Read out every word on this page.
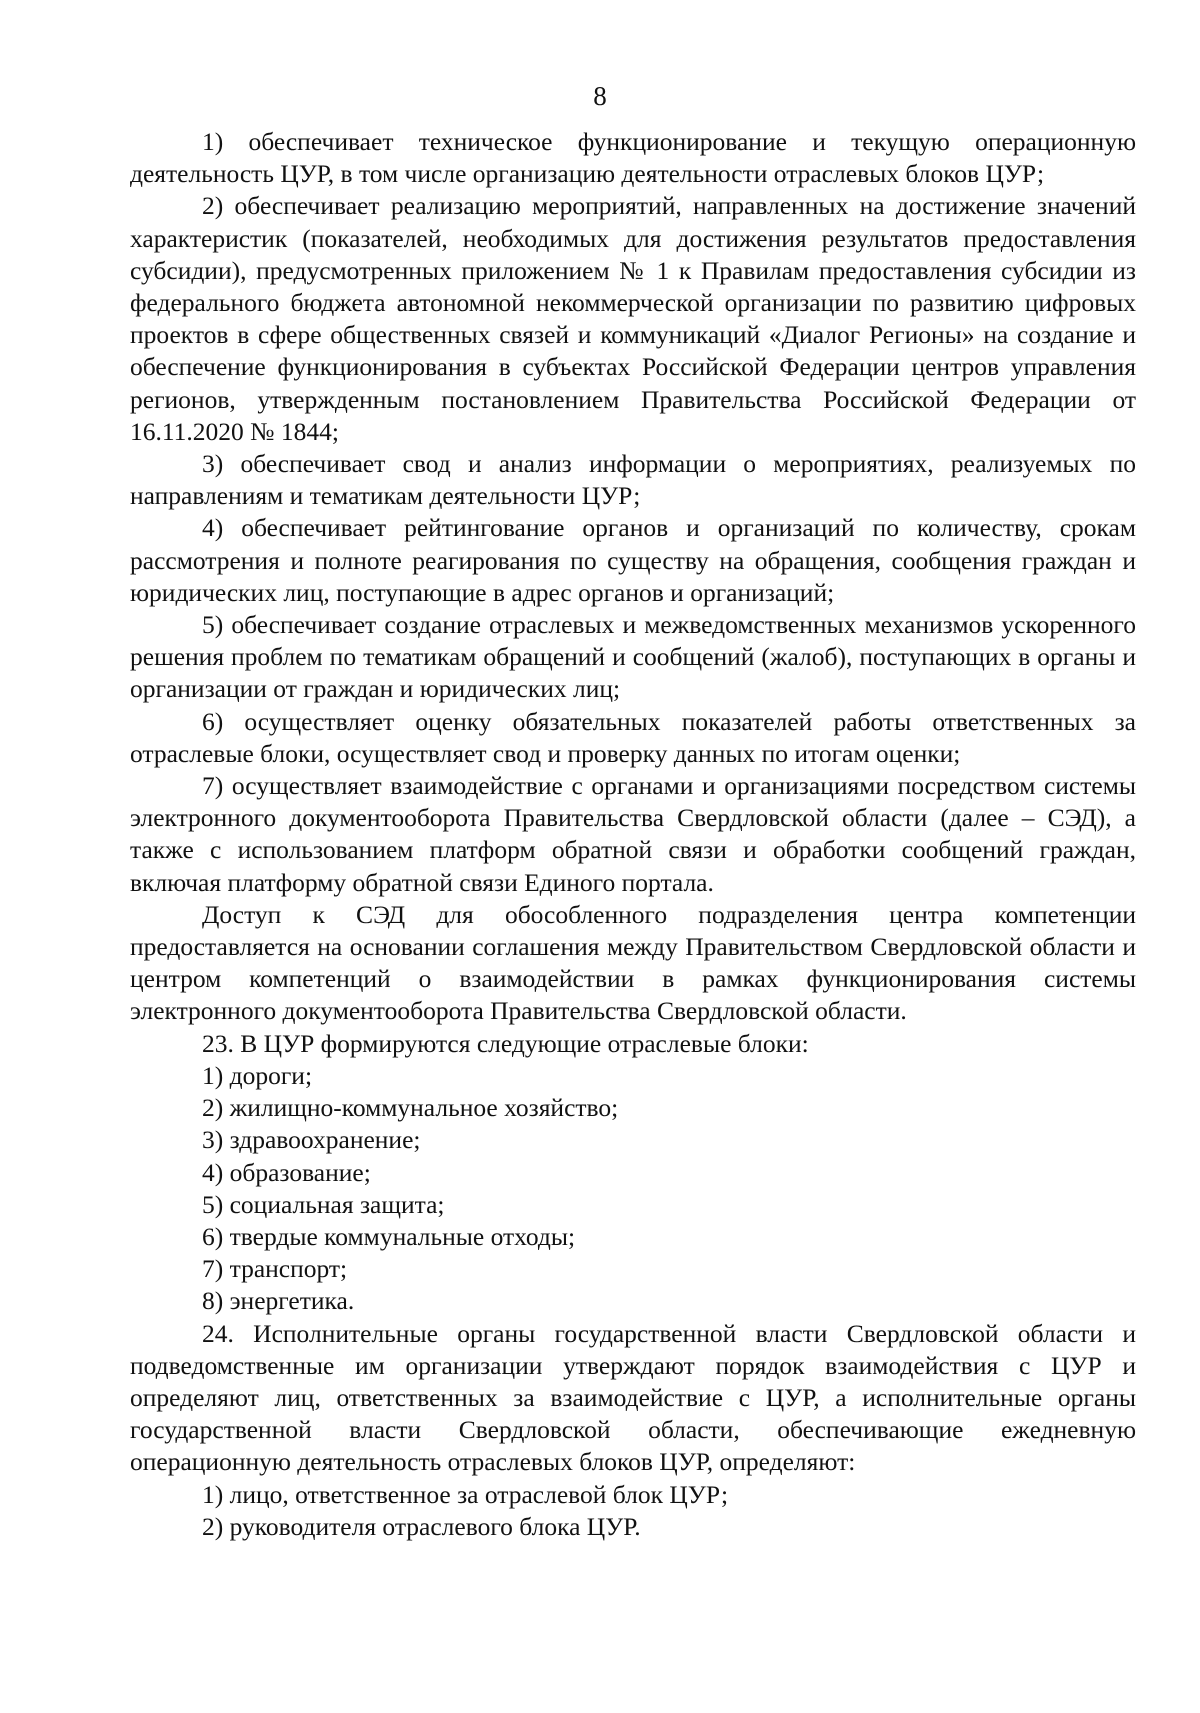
8

1) обеспечивает техническое функционирование и текущую операционную деятельность ЦУР, в том числе организацию деятельности отраслевых блоков ЦУР;

2) обеспечивает реализацию мероприятий, направленных на достижение значений характеристик (показателей, необходимых для достижения результатов предоставления субсидии), предусмотренных приложением № 1 к Правилам предоставления субсидии из федерального бюджета автономной некоммерческой организации по развитию цифровых проектов в сфере общественных связей и коммуникаций «Диалог Регионы» на создание и обеспечение функционирования в субъектах Российской Федерации центров управления регионов, утвержденным постановлением Правительства Российской Федерации от 16.11.2020 № 1844;

3) обеспечивает свод и анализ информации о мероприятиях, реализуемых по направлениям и тематикам деятельности ЦУР;

4) обеспечивает рейтингование органов и организаций по количеству, срокам рассмотрения и полноте реагирования по существу на обращения, сообщения граждан и юридических лиц, поступающие в адрес органов и организаций;

5) обеспечивает создание отраслевых и межведомственных механизмов ускоренного решения проблем по тематикам обращений и сообщений (жалоб), поступающих в органы и организации от граждан и юридических лиц;

6) осуществляет оценку обязательных показателей работы ответственных за отраслевые блоки, осуществляет свод и проверку данных по итогам оценки;

7) осуществляет взаимодействие с органами и организациями посредством системы электронного документооборота Правительства Свердловской области (далее – СЭД), а также с использованием платформ обратной связи и обработки сообщений граждан, включая платформу обратной связи Единого портала.

Доступ к СЭД для обособленного подразделения центра компетенции предоставляется на основании соглашения между Правительством Свердловской области и центром компетенций о взаимодействии в рамках функционирования системы электронного документооборота Правительства Свердловской области.

23. В ЦУР формируются следующие отраслевые блоки:

1) дороги;

2) жилищно-коммунальное хозяйство;

3) здравоохранение;

4) образование;

5) социальная защита;

6) твердые коммунальные отходы;

7) транспорт;

8) энергетика.

24. Исполнительные органы государственной власти Свердловской области и подведомственные им организации утверждают порядок взаимодействия с ЦУР и определяют лиц, ответственных за взаимодействие с ЦУР, а исполнительные органы государственной власти Свердловской области, обеспечивающие ежедневную операционную деятельность отраслевых блоков ЦУР, определяют:

1) лицо, ответственное за отраслевой блок ЦУР;

2) руководителя отраслевого блока ЦУР.
